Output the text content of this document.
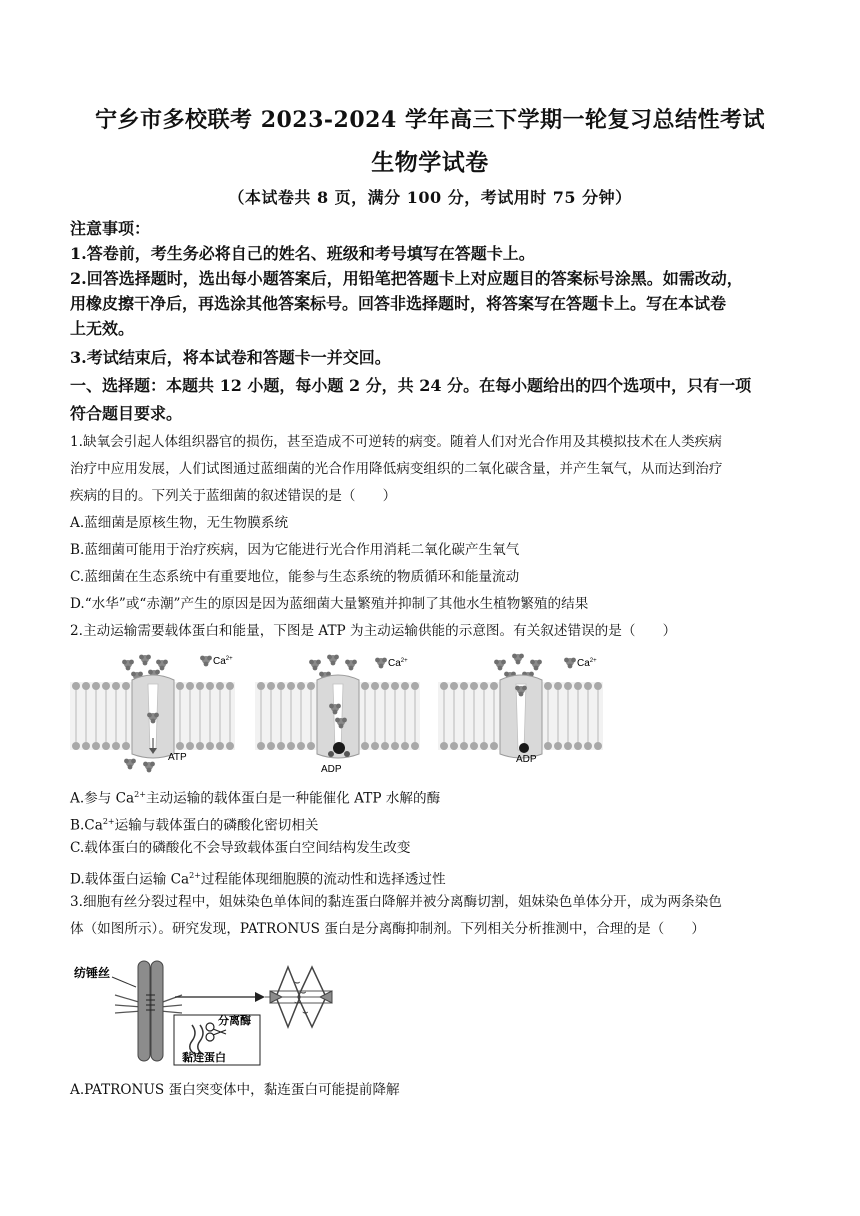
宁乡市多校联考 2023-2024 学年高三下学期一轮复习总结性考试
生物学试卷
（本试卷共 8 页，满分 100 分，考试用时 75 分钟）
注意事项：
1.答卷前，考生务必将自己的姓名、班级和考号填写在答题卡上。
2.回答选择题时，选出每小题答案后，用铅笔把答题卡上对应题目的答案标号涂黑。如需改动，
用橡皮擦干净后，再选涂其他答案标号。回答非选择题时，将答案写在答题卡上。写在本试卷
上无效。
3.考试结束后，将本试卷和答题卡一并交回。
一、选择题：本题共 12 小题，每小题 2 分，共 24 分。在每小题给出的四个选项中，只有一项
符合题目要求。
1.缺氧会引起人体组织器官的损伤，甚至造成不可逆转的病变。随着人们对光合作用及其模拟技术在人类疾病
治疗中应用发展，人们试图通过蓝细菌的光合作用降低病变组织的二氧化碳含量，并产生氧气，从而达到治疗
疾病的目的。下列关于蓝细菌的叙述错误的是（　　）
A.蓝细菌是原核生物，无生物膜系统
B.蓝细菌可能用于治疗疾病，因为它能进行光合作用消耗二氧化碳产生氧气
C.蓝细菌在生态系统中有重要地位，能参与生态系统的物质循环和能量流动
D.“水华”或“赤潮”产生的原因是因为蓝细菌大量繁殖并抑制了其他水生植物繁殖的结果
2.主动运输需要载体蛋白和能量，下图是 ATP 为主动运输供能的示意图。有关叙述错误的是（　　）
$Ca^{2+}$
ATP
$Ca^{2+}$
ADP
$Ca^{2+}$
ADP
A.参与 $Ca^{2+}$主动运输的载体蛋白是一种能催化 ATP 水解的酶
$B.Ca^{2+}$运输与载体蛋白的磷酸化密切相关
C.载体蛋白的磷酸化不会导致载体蛋白空间结构发生改变
D.载体蛋白运输 $Ca^{2+}$过程能体现细胞膜的流动性和选择透过性
3.细胞有丝分裂过程中，姐妹染色单体间的黏连蛋白降解并被分离酶切割，姐妹染色单体分开，成为两条染色
体（如图所示）。研究发现，PATRONUS 蛋白是分离酶抑制剂。下列相关分析推测中，合理的是（　　）
纺锤丝
分离酶
黏连蛋白
⌣
⌣
⌣
⌣
A.PATRONUS 蛋白突变体中，黏连蛋白可能提前降解
